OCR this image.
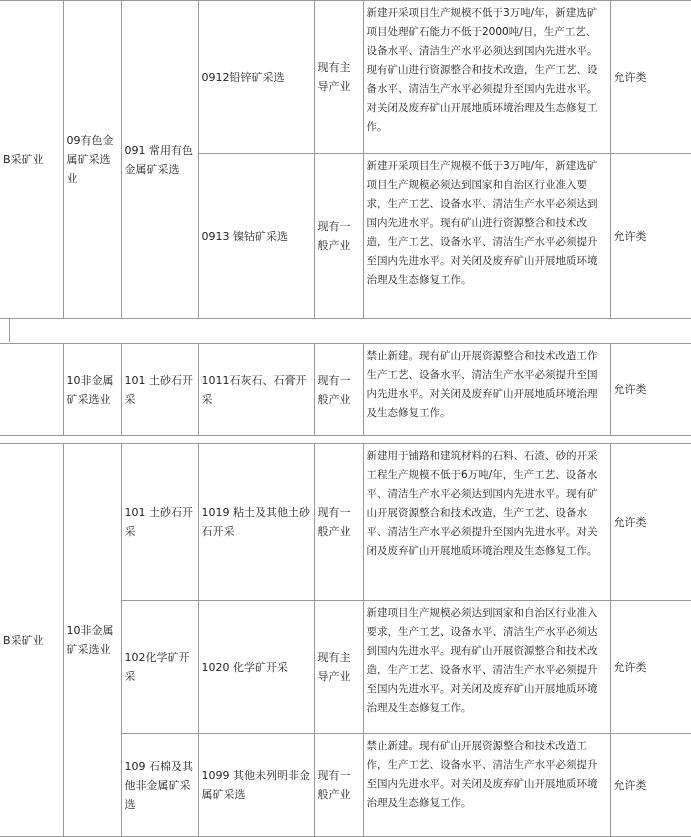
B采矿业	09有色金属矿采选业	091 常用有色金属矿采选	0912铅锌矿采选	现有主导产业	新建开采项目生产规模不低于3万吨/年，新建选矿项目处理矿石能力不低于2000吨/日，生产工艺、设备水平、清洁生产水平必须达到国内先进水平。现有矿山进行资源整合和技术改造，生产工艺、设备水平、清洁生产水平必须提升至国内先进水平。对关闭及废弃矿山开展地质环境治理及生态修复工作。	允许类
			0913 镍钴矿采选	现有一般产业	新建开采项目生产规模不低于3万吨/年，新建选矿项目生产规模必须达到国家和自治区行业准入要求，生产工艺、设备水平、清洁生产水平必须达到国内先进水平。现有矿山进行资源整合和技术改造，生产工艺、设备水平、清洁生产水平必须提升至国内先进水平。对关闭及废弃矿山开展地质环境治理及生态修复工作。	允许类
	10非金属矿采选业	101 土砂石开采	1011石灰石、石膏开采	现有一般产业	禁止新建。现有矿山开展资源整合和技术改造工作生产工艺、设备水平、清洁生产水平必须提升至国内先进水平。对关闭及废弃矿山开展地质环境治理及生态修复工作。	允许类
B采矿业	10非金属矿采选业	101 土砂石开采	1019 粘土及其他土砂石开采	现有一般产业	新建用于铺路和建筑材料的石料、石渣、砂的开采工程生产规模不低于6万吨/年，生产工艺、设备水平、清洁生产水平必须达到国内先进水平。现有矿山开展资源整合和技术改造，生产工艺、设备水平、清洁生产水平必须提升至国内先进水平。对关闭及废弃矿山开展地质环境治理及生态修复工作。	允许类
		102化学矿开采	1020 化学矿开采	现有主导产业	新建项目生产规模必须达到国家和自治区行业准入要求，生产工艺、设备水平、清洁生产水平必须达到国内先进水平。现有矿山开展资源整合和技术改造，生产工艺、设备水平、清洁生产水平必须提升至国内先进水平。对关闭及废弃矿山开展地质环境治理及生态修复工作。	允许类
		109 石棉及其他非金属矿采选	1099 其他未列明非金属矿采选	现有一般产业	禁止新建。现有矿山开展资源整合和技术改造工作，生产工艺、设备水平、清洁生产水平必须提升至国内先进水平。对关闭及废弃矿山开展地质环境治理及生态修复工作。	允许类
